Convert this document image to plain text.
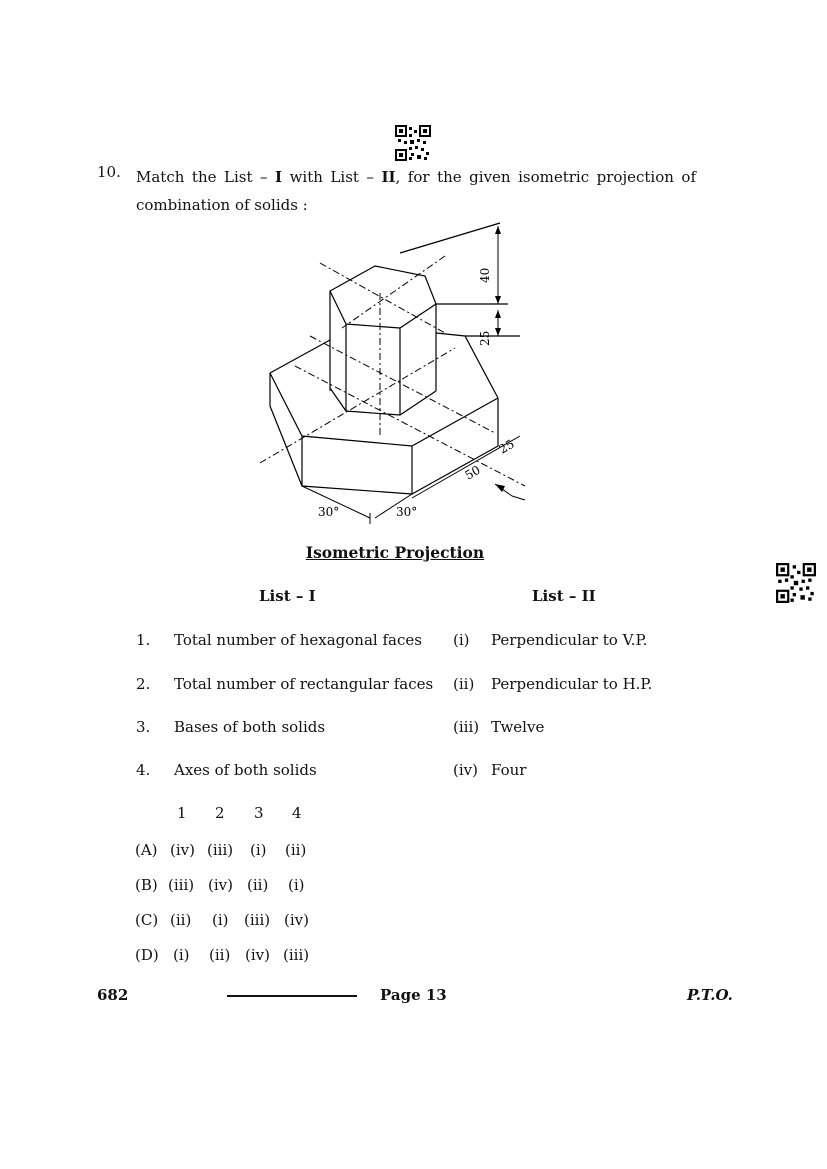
10. Match the List – I with List – II, for the given isometric projection of combination of solids :
40
25
25
50
30°	30°
Isometric Projection
List – I	List – II
1. Total number of hexagonal faces (i) Perpendicular to V.P.
2. Total number of rectangular faces (ii) Perpendicular to H.P.
3. Bases of both solids	(iii) Twelve
4. Axes of both solids	(iv) Four
1 2 3 4
(A) (iv) (iii) (i) (ii)
(B) (iii) (iv) (ii) (i)
(C) (ii) (i) (iii) (iv)
(D) (i) (ii) (iv) (iii)
682	Page 13	P.T.O.
